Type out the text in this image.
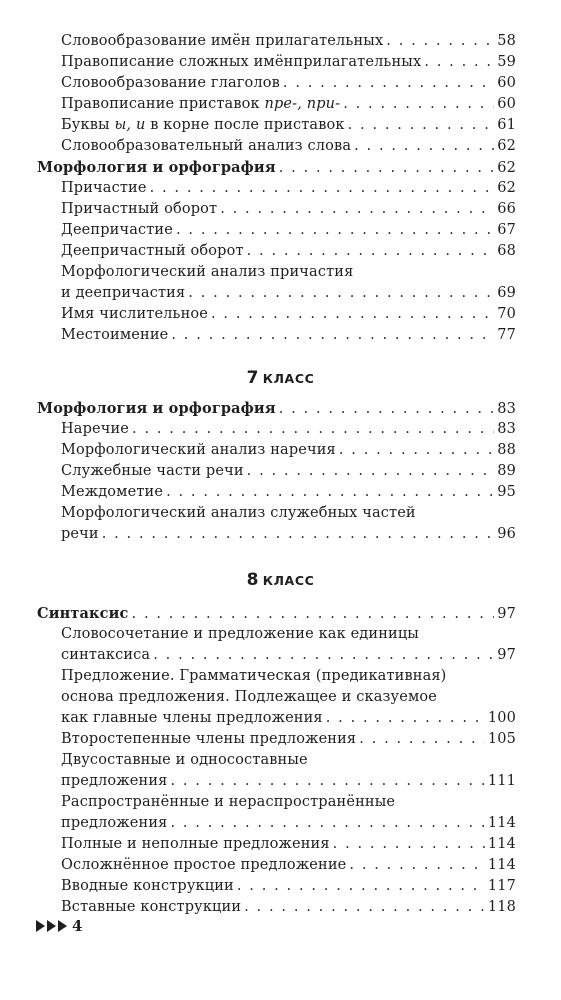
Словообразование имён прилагательных . . .	58
Правописание сложных имёнприлагательных . . .	59
Словообразование глаголов . . .	60
Правописание приставок пре-, при- . . .	60
Буквы ы, и в корне после приставок . . .	61
Словообразовательный анализ слова . . .	62
Морфология и орфография . . .	62
Причастие . . .	62
Причастный оборот . . .	66
Деепричастие . . .	67
Деепричастный оборот . . .	68
Морфологический анализ причастия
и деепричастия . . .	69
Имя числительное . . .	70
Местоимение . . .	77
7 КЛАСС
Морфология и орфография . . .	83
Наречие . . .	83
Морфологический анализ наречия . . .	88
Служебные части речи . . .	89
Междометие . . .	95
Морфологический анализ служебных частей
речи . . .	96
8 КЛАСС
Синтаксис . . .	97
Словосочетание и предложение как единицы
синтаксиса . . .	97
Предложение. Грамматическая (предикативная)
основа предложения. Подлежащее и сказуемое
как главные члены предложения . . .	100
Второстепенные члены предложения . . .	105
Двусоставные и односоставные
предложения . . .	111
Распространённые и нераспространённые
предложения . . .	114
Полные и неполные предложения . . .	114
Осложнённое простое предложение . . .	114
Вводные конструкции . . .	117
Вставные конструкции . . .	118
4
